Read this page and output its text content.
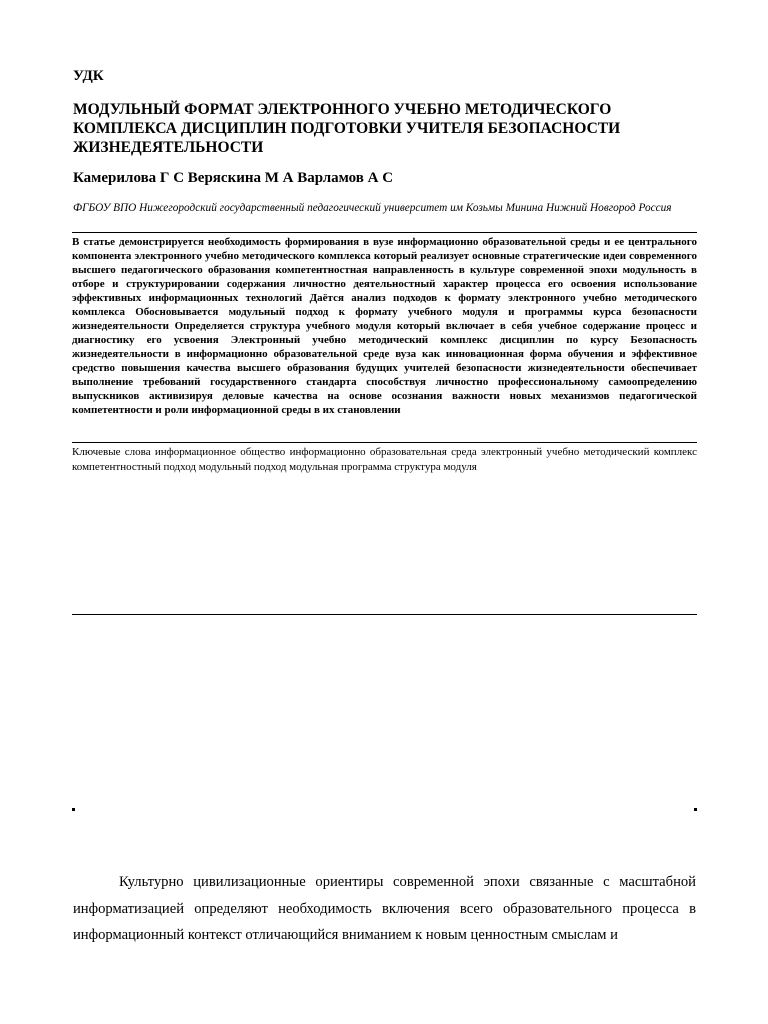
УДК
МОДУЛЬНЫЙ ФОРМАТ ЭЛЕКТРОННОГО УЧЕБНО МЕТОДИЧЕСКОГО КОМПЛЕКСА ДИСЦИПЛИН ПОДГОТОВКИ УЧИТЕЛЯ БЕЗОПАСНОСТИ ЖИЗНЕДЕЯТЕЛЬНОСТИ
Камерилова Г С Веряскина М А Варламов А С
ФГБОУ ВПО Нижегородский государственный педагогический университет им Козьмы Минина Нижний Новгород Россия
В статье демонстрируется необходимость формирования в вузе информационно образовательной среды и ее центрального компонента электронного учебно методического комплекса который реализует основные стратегические идеи современного высшего педагогического образования компетентностная направленность в культуре современной эпохи модульность в отборе и структурировании содержания личностно деятельностный характер процесса его освоения использование эффективных информационных технологий Даётся анализ подходов к формату электронного учебно методического комплекса Обосновывается модульный подход к формату учебного модуля и программы курса безопасности жизнедеятельности Определяется структура учебного модуля который включает в себя учебное содержание процесс и диагностику его усвоения Электронный учебно методический комплекс дисциплин по курсу Безопасность жизнедеятельности в информационно образовательной среде вуза как инновационная форма обучения и эффективное средство повышения качества высшего образования будущих учителей безопасности жизнедеятельности обеспечивает выполнение требований государственного стандарта способствуя личностно профессиональному самоопределению выпускников активизируя деловые качества на основе осознания важности новых механизмов педагогической компетентности и роли информационной среды в их становлении
Ключевые слова информационное общество информационно образовательная среда электронный учебно методический комплекс компетентностный подход модульный подход модульная программа структура модуля
Культурно цивилизационные ориентиры современной эпохи связанные с масштабной информатизацией определяют необходимость включения всего образовательного процесса в информационный контекст отличающийся вниманием к новым ценностным смыслам и
